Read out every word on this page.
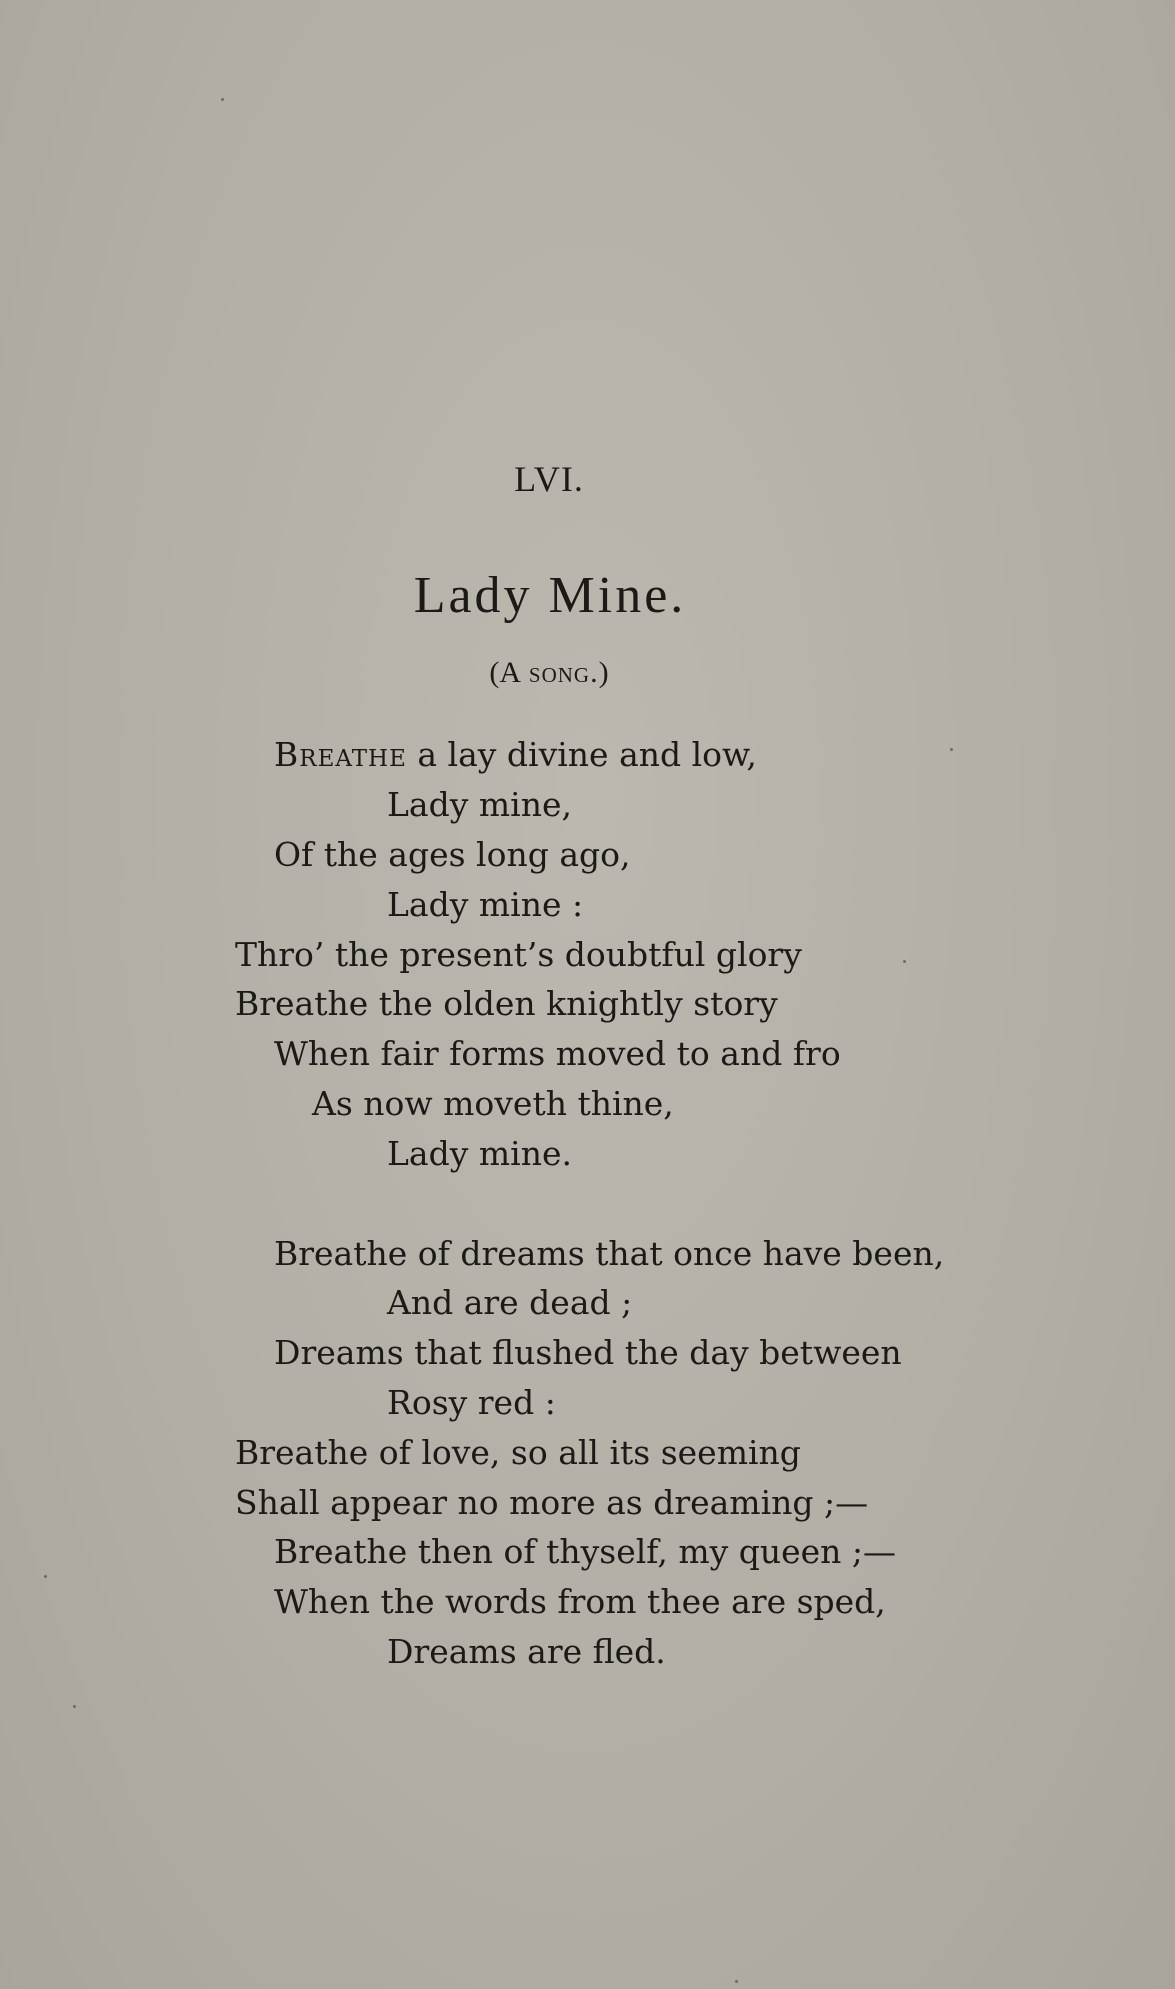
LVI.
Lady Mine.
(A song.)
Breathe a lay divine and low,
Lady mine,
Of the ages long ago,
Lady mine :
Thro’ the present’s doubtful glory
Breathe the olden knightly story
When fair forms moved to and fro
As now moveth thine,
Lady mine.
Breathe of dreams that once have been,
And are dead ;
Dreams that flushed the day between
Rosy red :
Breathe of love, so all its seeming
Shall appear no more as dreaming ;—
Breathe then of thyself, my queen ;—
When the words from thee are sped,
Dreams are fled.
